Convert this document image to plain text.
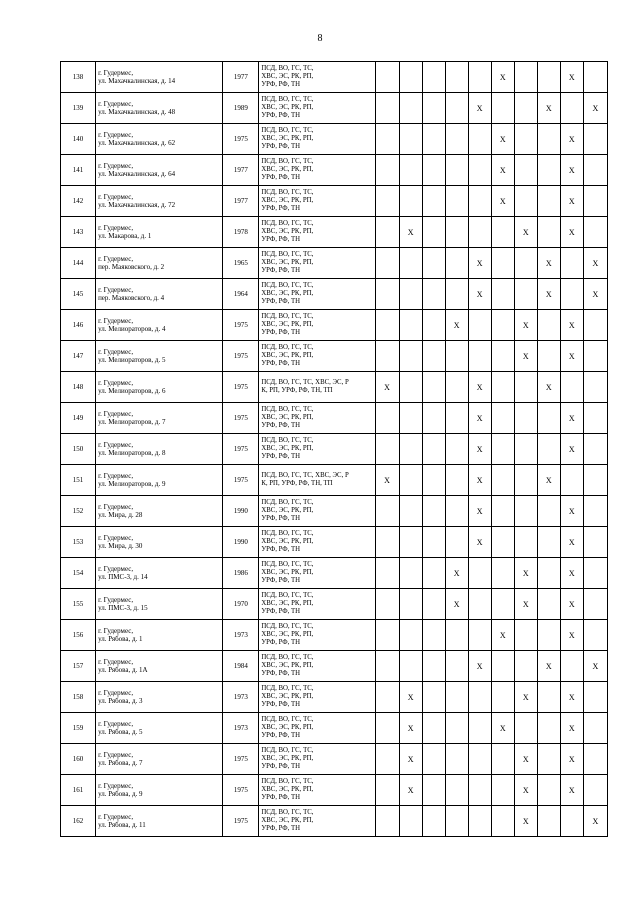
8
138	г. Гудермес,
ул. Махачкалинская, д. 14	1977	ПСД, ВО, ГС, ТС,
ХВС, ЭС, РК, РП,
УРФ, РФ, ТН						X			X	
139	г. Гудермес,
ул. Махачкалинская, д. 48	1989	ПСД, ВО, ГС, ТС,
ХВС, ЭС, РК, РП,
УРФ, РФ, ТН					X			X		X
140	г. Гудермес,
ул. Махачкалинская, д. 62	1975	ПСД, ВО, ГС, ТС,
ХВС, ЭС, РК, РП,
УРФ, РФ, ТН						X			X	
141	г. Гудермес,
ул. Махачкалинская, д. 64	1977	ПСД, ВО, ГС, ТС,
ХВС, ЭС, РК, РП,
УРФ, РФ, ТН						X			X	
142	г. Гудермес,
ул. Махачкалинская, д. 72	1977	ПСД, ВО, ГС, ТС,
ХВС, ЭС, РК, РП,
УРФ, РФ, ТН						X			X	
143	г. Гудермес,
ул. Макарова, д. 1	1978	ПСД, ВО, ГС, ТС,
ХВС, ЭС, РК, РП,
УРФ, РФ, ТН		X					X		X	
144	г. Гудермес,
пер. Маяковского, д. 2	1965	ПСД, ВО, ГС, ТС,
ХВС, ЭС, РК, РП,
УРФ, РФ, ТН					X			X		X
145	г. Гудермес,
пер. Маяковского, д. 4	1964	ПСД, ВО, ГС, ТС,
ХВС, ЭС, РК, РП,
УРФ, РФ, ТН					X			X		X
146	г. Гудермес,
ул. Мелиораторов, д. 4	1975	ПСД, ВО, ГС, ТС,
ХВС, ЭС, РК, РП,
УРФ, РФ, ТН				X			X		X	
147	г. Гудермес,
ул. Мелиораторов, д. 5	1975	ПСД, ВО, ГС, ТС,
ХВС, ЭС, РК, РП,
УРФ, РФ, ТН							X		X	
148	г. Гудермес,
ул. Мелиораторов, д. 6	1975	ПСД, ВО, ГС, ТС, ХВС, ЭС, Р
К, РП, УРФ, РФ, ТН, ТП	X				X			X		
149	г. Гудермес,
ул. Мелиораторов, д. 7	1975	ПСД, ВО, ГС, ТС,
ХВС, ЭС, РК, РП,
УРФ, РФ, ТН					X				X	
150	г. Гудермес,
ул. Мелиораторов, д. 8	1975	ПСД, ВО, ГС, ТС,
ХВС, ЭС, РК, РП,
УРФ, РФ, ТН					X				X	
151	г. Гудермес,
ул. Мелиораторов, д. 9	1975	ПСД, ВО, ГС, ТС, ХВС, ЭС, Р
К, РП, УРФ, РФ, ТН, ТП	X				X			X		
152	г. Гудермес,
ул. Мира, д. 28	1990	ПСД, ВО, ГС, ТС,
ХВС, ЭС, РК, РП,
УРФ, РФ, ТН					X				X	
153	г. Гудермес,
ул. Мира, д. 30	1990	ПСД, ВО, ГС, ТС,
ХВС, ЭС, РК, РП,
УРФ, РФ, ТН					X				X	
154	г. Гудермес,
ул. ПМС-3, д. 14	1986	ПСД, ВО, ГС, ТС,
ХВС, ЭС, РК, РП,
УРФ, РФ, ТН				X			X		X	
155	г. Гудермес,
ул. ПМС-3, д. 15	1970	ПСД, ВО, ГС, ТС,
ХВС, ЭС, РК, РП,
УРФ, РФ, ТН				X			X		X	
156	г. Гудермес,
ул. Рябова, д. 1	1973	ПСД, ВО, ГС, ТС,
ХВС, ЭС, РК, РП,
УРФ, РФ, ТН						X			X	
157	г. Гудермес,
ул. Рябова, д. 1А	1984	ПСД, ВО, ГС, ТС,
ХВС, ЭС, РК, РП,
УРФ, РФ, ТН					X			X		X
158	г. Гудермес,
ул. Рябова, д. 3	1973	ПСД, ВО, ГС, ТС,
ХВС, ЭС, РК, РП,
УРФ, РФ, ТН		X					X		X	
159	г. Гудермес,
ул. Рябова, д. 5	1973	ПСД, ВО, ГС, ТС,
ХВС, ЭС, РК, РП,
УРФ, РФ, ТН		X				X			X	
160	г. Гудермес,
ул. Рябова, д. 7	1975	ПСД, ВО, ГС, ТС,
ХВС, ЭС, РК, РП,
УРФ, РФ, ТН		X					X		X	
161	г. Гудермес,
ул. Рябова, д. 9	1975	ПСД, ВО, ГС, ТС,
ХВС, ЭС, РК, РП,
УРФ, РФ, ТН		X					X		X	
162	г. Гудермес,
ул. Рябова, д. 11	1975	ПСД, ВО, ГС, ТС,
ХВС, ЭС, РК, РП,
УРФ, РФ, ТН							X			X
